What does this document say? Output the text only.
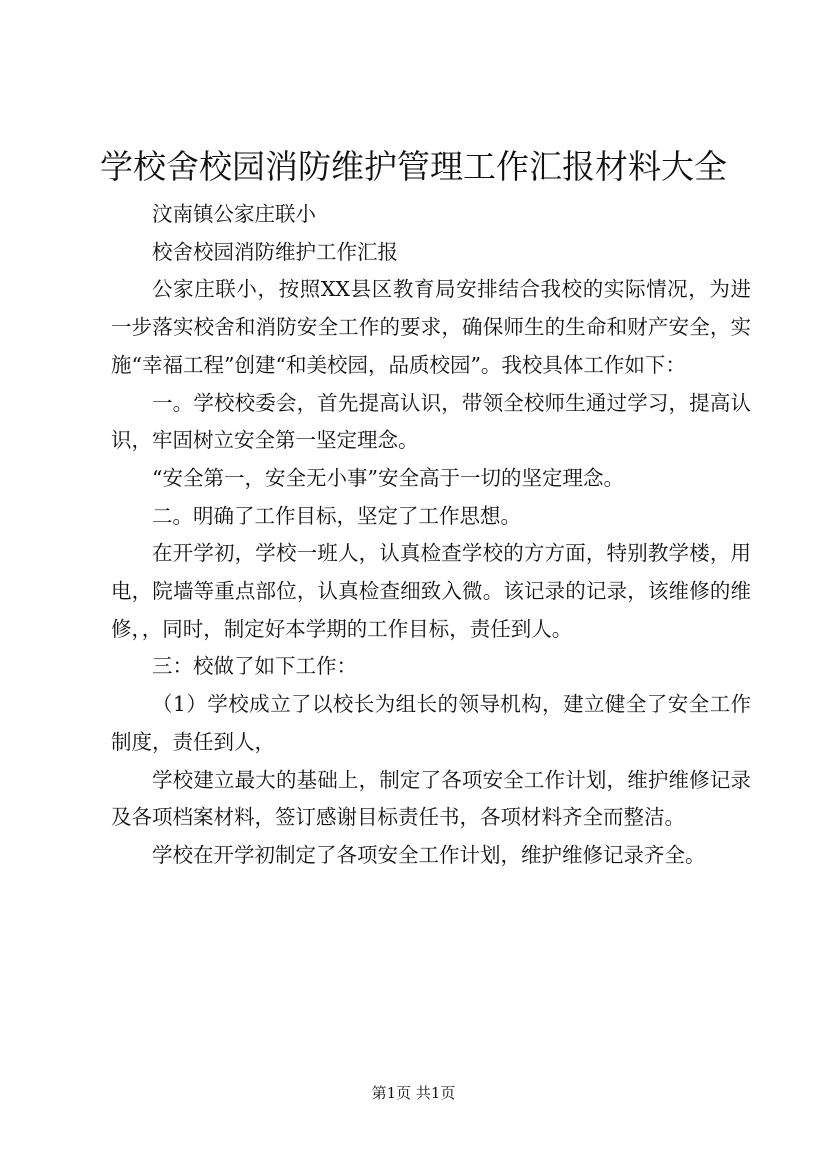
学校舍校园消防维护管理工作汇报材料大全

汶南镇公家庄联小

校舍校园消防维护工作汇报

公家庄联小，按照XX县区教育局安排结合我校的实际情况，为进一步落实校舍和消防安全工作的要求，确保师生的生命和财产安全，实施“幸福工程”创建“和美校园，品质校园”。我校具体工作如下：

一。学校校委会，首先提高认识，带领全校师生通过学习，提高认识，牢固树立安全第一坚定理念。

“安全第一，安全无小事”安全高于一切的坚定理念。

二。明确了工作目标，坚定了工作思想。

在开学初，学校一班人，认真检查学校的方方面，特别教学楼，用电，院墙等重点部位，认真检查细致入微。该记录的记录，该维修的维修，，同时，制定好本学期的工作目标，责任到人。

三：校做了如下工作：

（1）学校成立了以校长为组长的领导机构，建立健全了安全工作制度，责任到人，

学校建立最大的基础上，制定了各项安全工作计划，维护维修记录及各项档案材料，签订感谢目标责任书，各项材料齐全而整洁。

学校在开学初制定了各项安全工作计划，维护维修记录齐全。

第1页 共1页
